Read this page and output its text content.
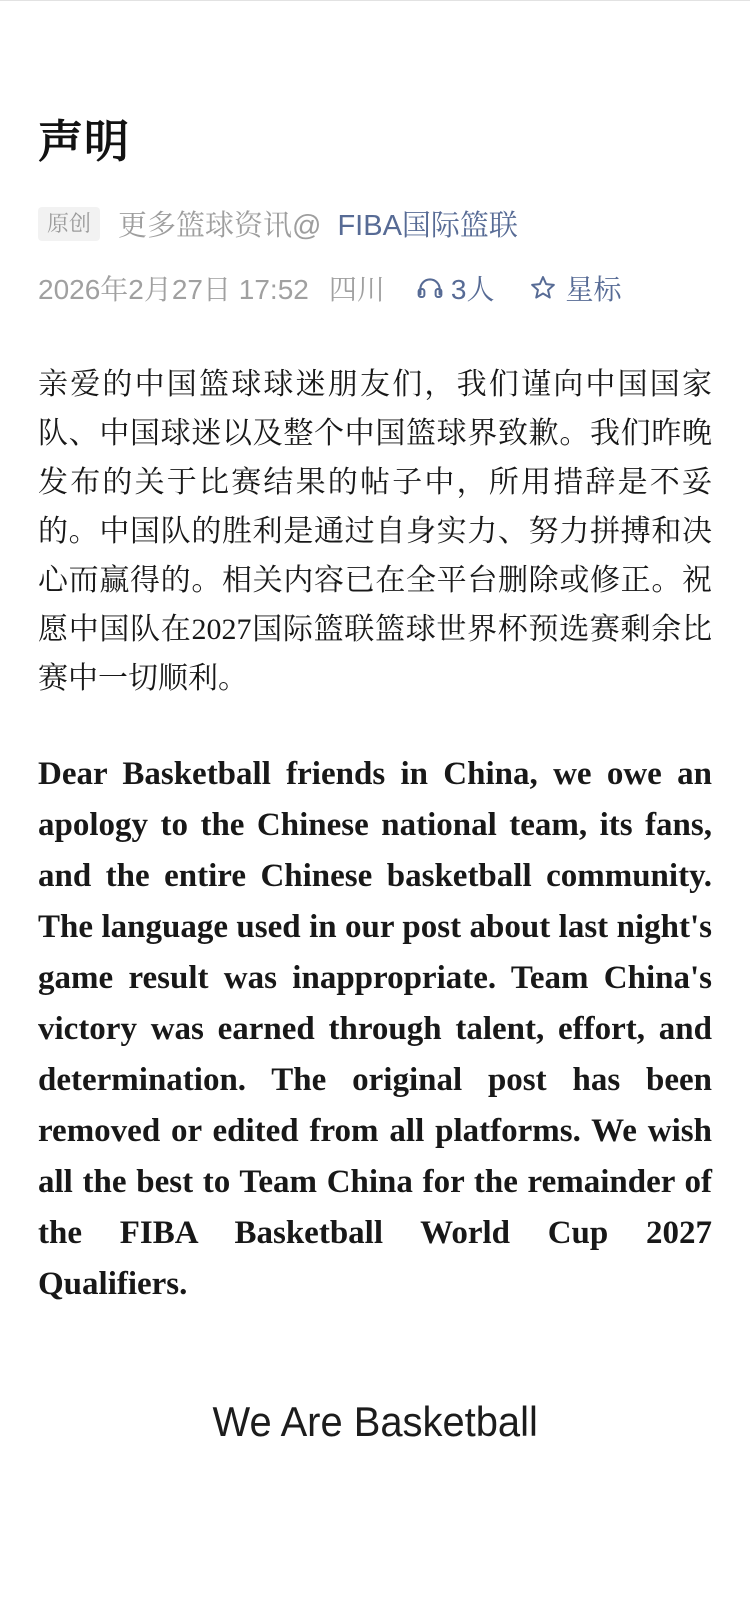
声明
原创 更多篮球资讯@ FIBA国际篮联
2026年2月27日 17:52 四川 3人	星标

亲爱的中国篮球球迷朋友们，我们谨向中国国家队、中国球迷以及整个中国篮球界致歉。我们昨晚发布的关于比赛结果的帖子中，所用措辞是不妥的。中国队的胜利是通过自身实力、努力拼搏和决心而赢得的。相关内容已在全平台删除或修正。祝愿中国队在2027国际篮联篮球世界杯预选赛剩余比赛中一切顺利。

Dear Basketball friends in China, we owe an apology to the Chinese national team, its fans, and the entire Chinese basketball community. The language used in our post about last night's game result was inappropriate. Team China's victory was earned through talent, effort, and determination. The original post has been removed or edited from all platforms. We wish all the best to Team China for the remainder of the FIBA Basketball World Cup 2027 Qualifiers.

We Are Basketball
